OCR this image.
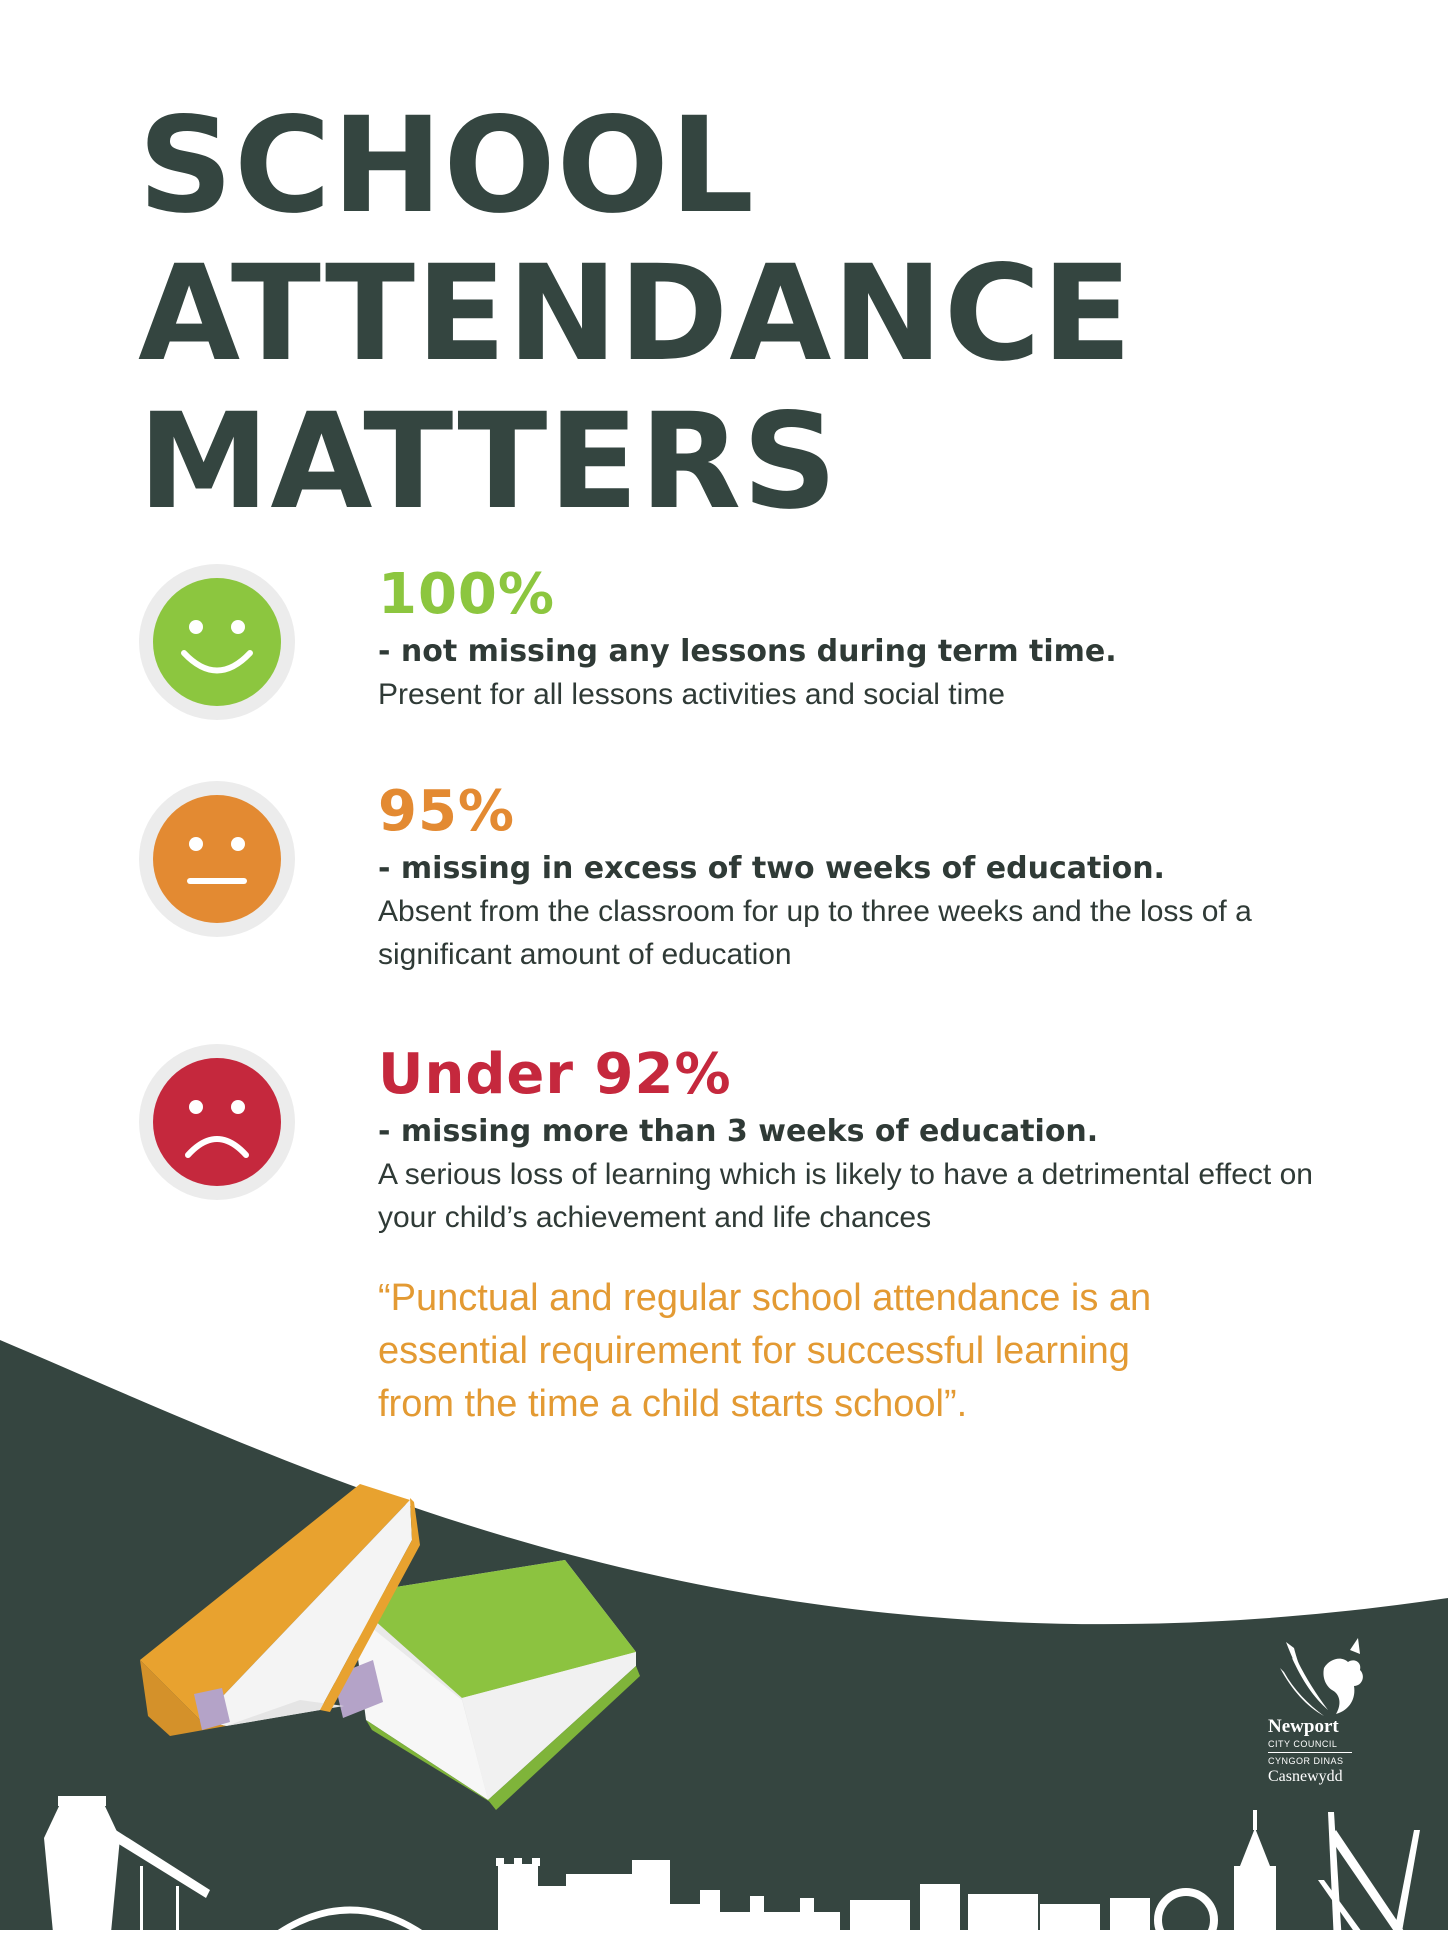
SCHOOL
ATTENDANCE
MATTERS
100%
- not missing any lessons during term time.
Present for all lessons activities and social time
95%
- missing in excess of two weeks of education.
Absent from the classroom for up to three weeks and the loss of a
significant amount of education
Under 92%
- missing more than 3 weeks of education.
A serious loss of learning which is likely to have a detrimental effect on
your child’s achievement and life chances
“Punctual and regular school attendance is an
essential requirement for successful learning
from the time a child starts school”.
Newport
CITY COUNCIL
CYNGOR DINAS
Casnewydd
